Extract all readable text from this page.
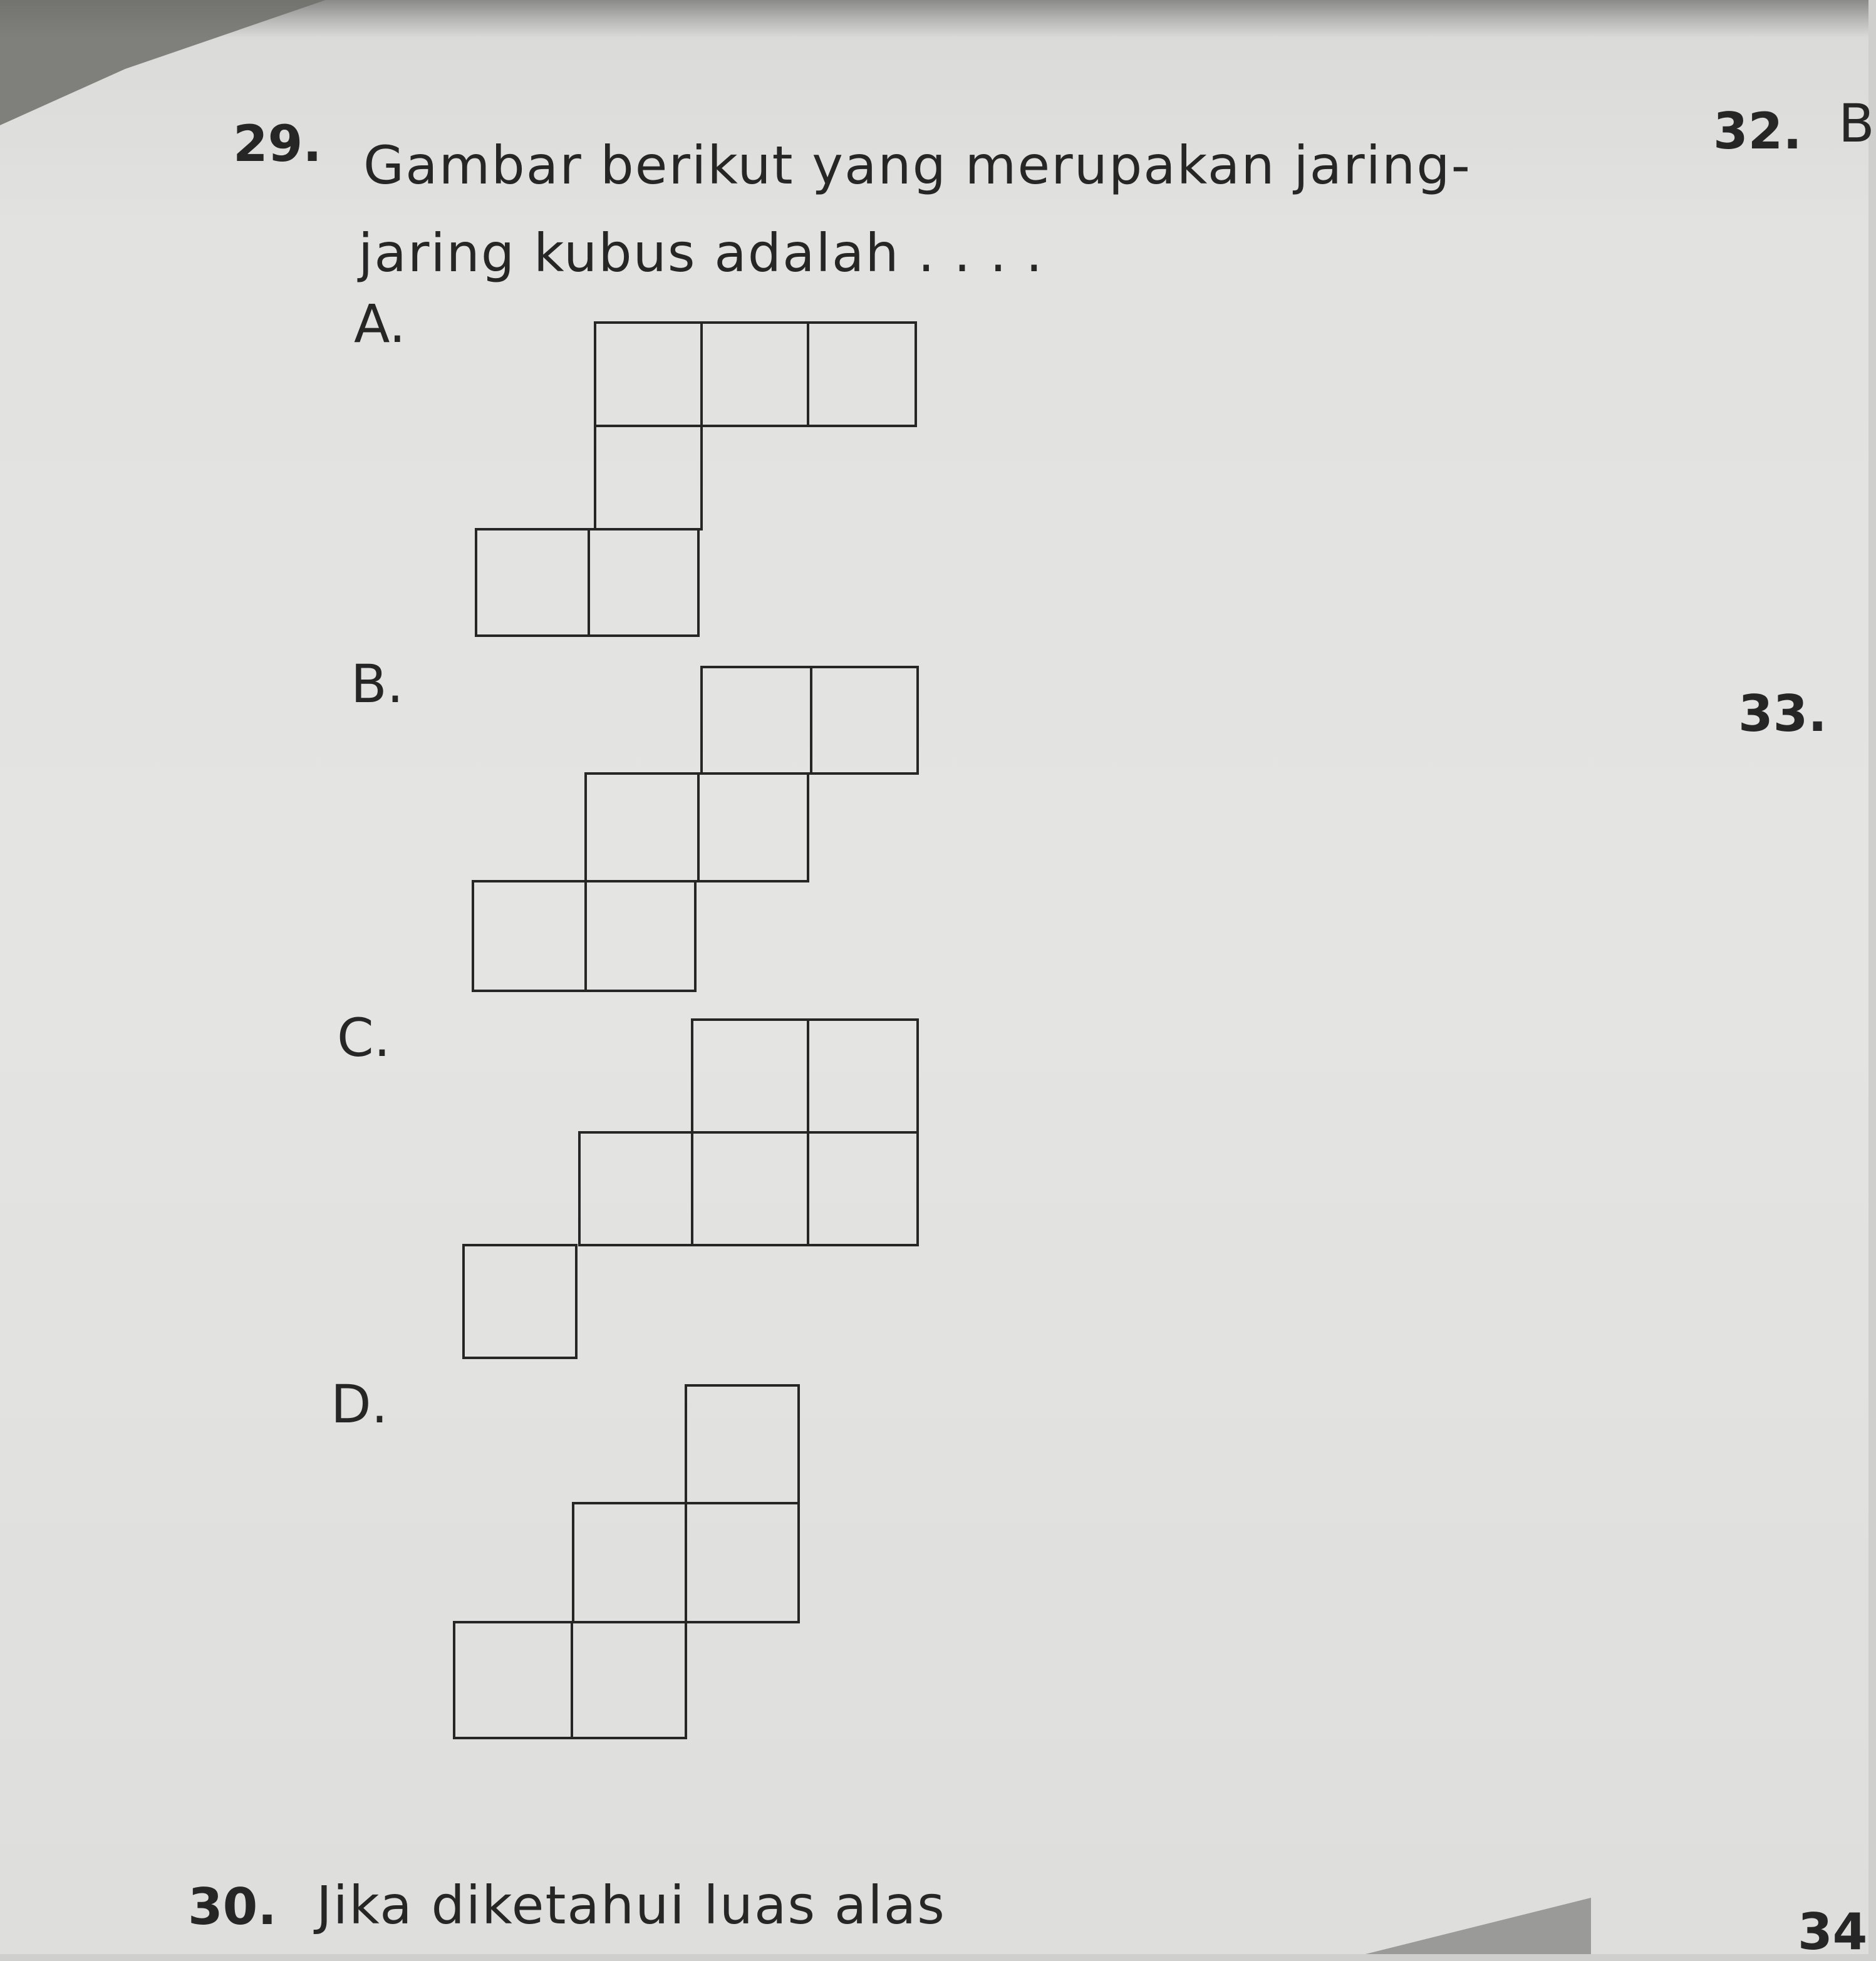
29. Gambar berikut yang merupakan jaring-
jaring kubus adalah . . . .
A.
B.
C.
D.
30. Jika diketahui luas alas
32. B
33.
34
